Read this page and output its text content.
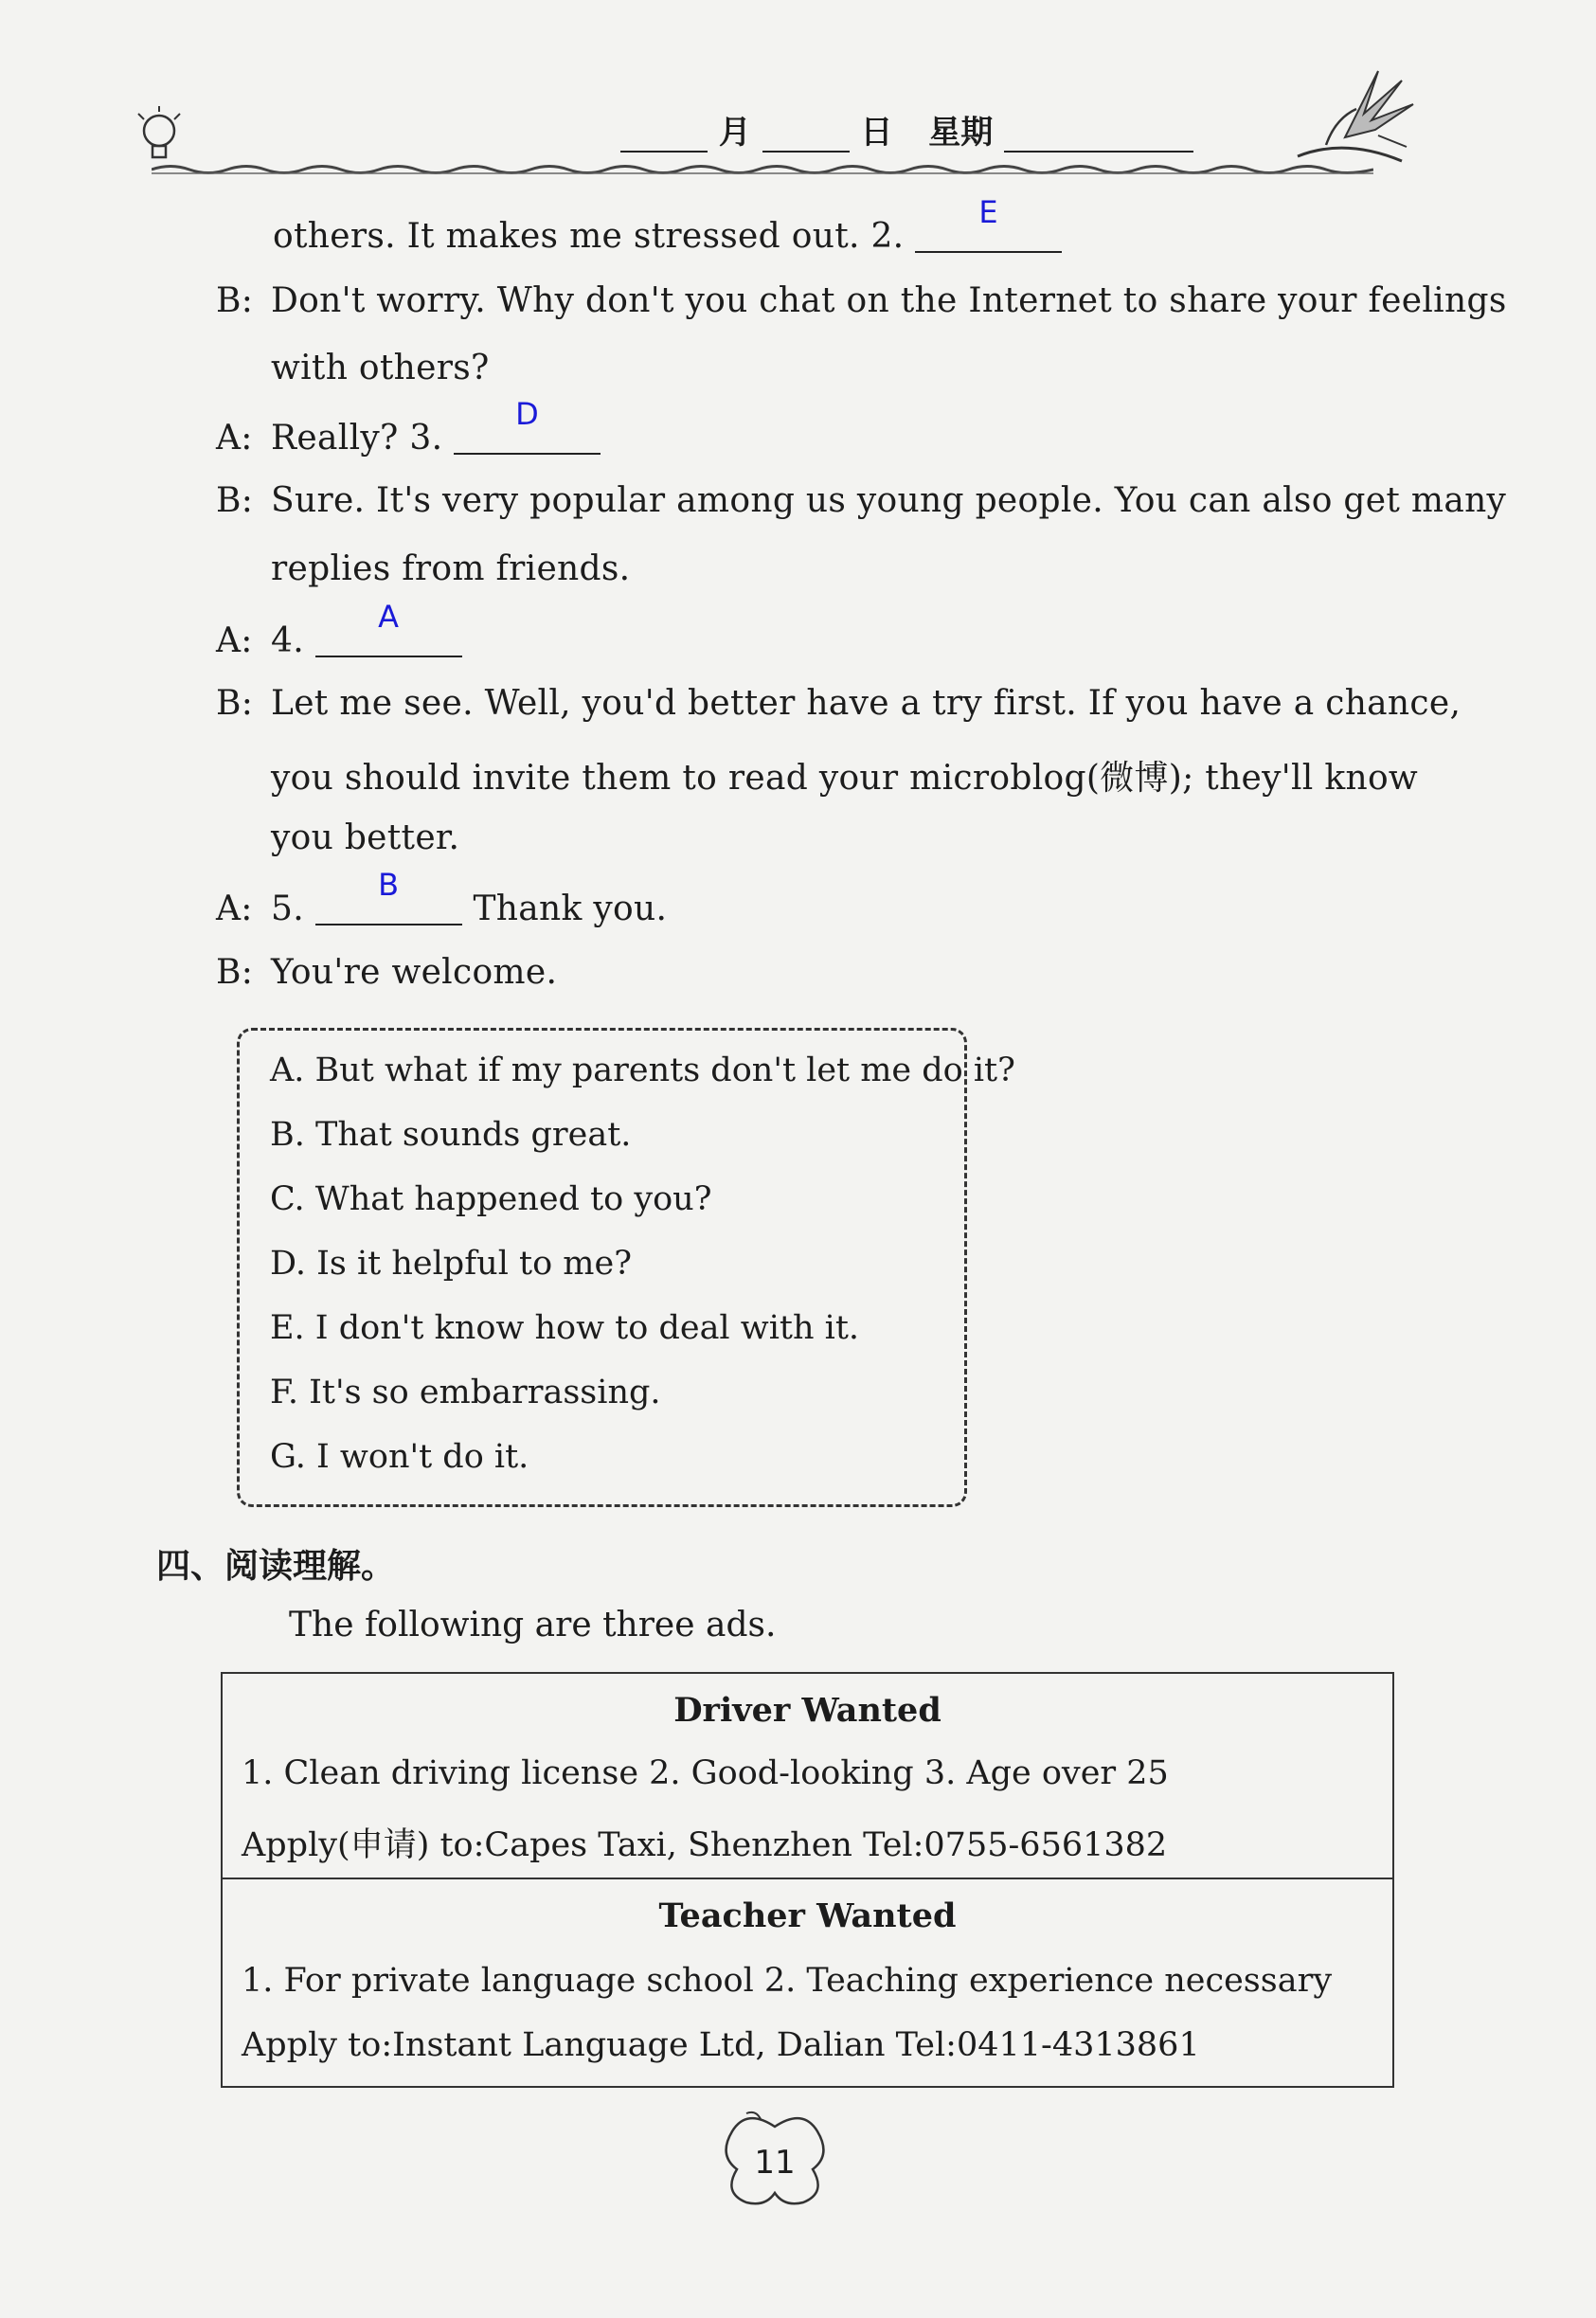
月	日 星期
others. It makes me stressed out. 2.
E
B: Don't worry. Why don't you chat on the Internet to share your feelings
with others?
A: Really? 3.
D
B: Sure. It's very popular among us young people. You can also get many
replies from friends.
A: 4.
A
B: Let me see. Well, you'd better have a try first. If you have a chance,
you should invite them to read your microblog(微博); they'll know
you better.
A: 5.
B
Thank you.
B: You're welcome.
A. But what if my parents don't let me do it?
B. That sounds great.
C. What happened to you?
D. Is it helpful to me?
E. I don't know how to deal with it.
F. It's so embarrassing.
G. I won't do it.
四、阅读理解。
The following are three ads.
Driver Wanted
1. Clean driving license 2. Good-looking 3. Age over 25
Apply(申请) to:Capes Taxi, Shenzhen Tel:0755-6561382
Teacher Wanted
1. For private language school 2. Teaching experience necessary
Apply to:Instant Language Ltd, Dalian Tel:0411-4313861
11
